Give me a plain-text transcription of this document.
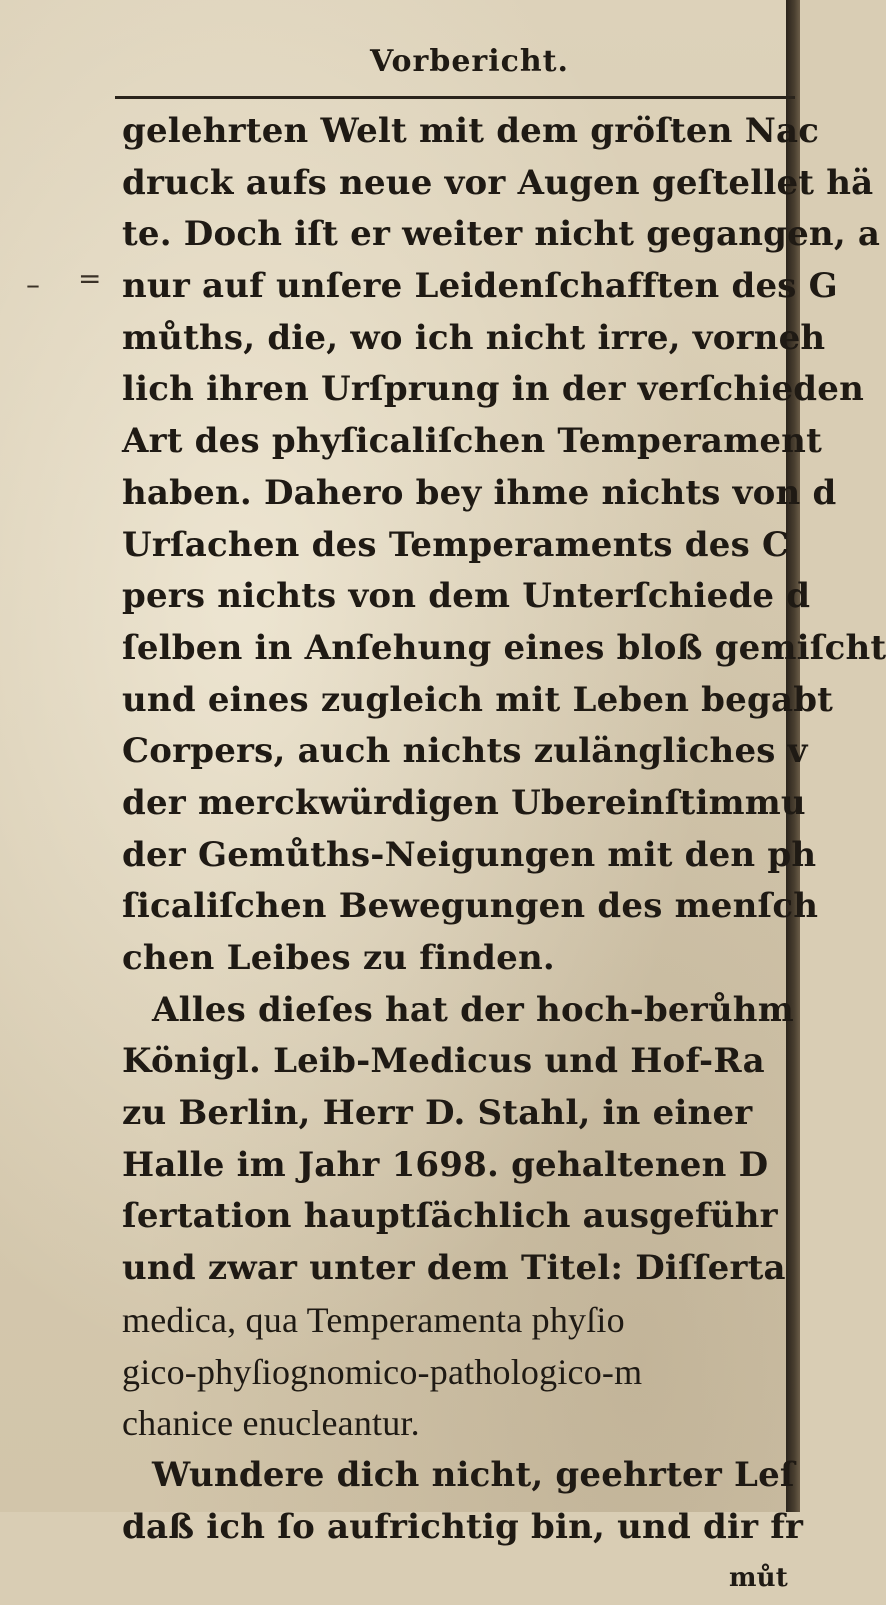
– =
Vorbericht.
gelehrten Welt mit dem gröſten Nac
druck aufs neue vor Augen geſtellet hä
te. Doch iſt er weiter nicht gegangen, a
nur auf unſere Leidenſchafften des G
můths, die, wo ich nicht irre, vorneh
lich ihren Urſprung in der verſchieden
Art des phyſicaliſchen Temperament
haben. Dahero bey ihme nichts von d
Urſachen des Temperaments des C
pers nichts von dem Unterſchiede d
ſelben in Anſehung eines bloß gemiſcht
und eines zugleich mit Leben begabt
Corpers, auch nichts zulängliches v
der merckwürdigen Ubereinſtimmu
der Gemůths-Neigungen mit den ph
ſicaliſchen Bewegungen des menſch
chen Leibes zu finden.
Alles dieſes hat der hoch-berůhm
Königl. Leib-Medicus und Hof-Ra
zu Berlin, Herr D. Stahl, in einer
Halle im Jahr 1698. gehaltenen D
ſertation hauptſächlich ausgeführ
und zwar unter dem Titel: Diſſerta
medica, qua Temperamenta phyſio
gico-phyſiognomico-pathologico-m
chanice enucleantur.
Wundere dich nicht, geehrter Leſ
daß ich ſo aufrichtig bin, und dir fr
můt
